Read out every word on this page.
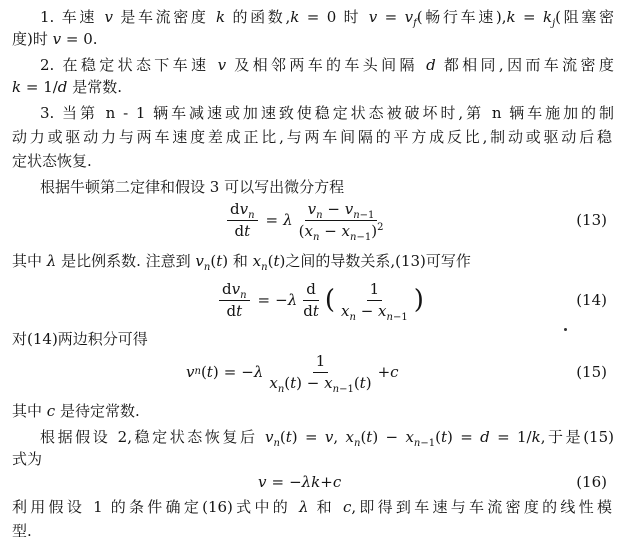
1. 车速 v 是车流密度 k 的函数,k = 0 时 $v = v_f$(畅行车速)$,k = k_j$(阻塞密
度)时 v = 0.
2. 在稳定状态下车速 v 及相邻两车的车头间隔 d 都相同,因而车流密度
k = 1/d 是常数.
3. 当第 n - 1 辆车减速或加速致使稳定状态被破坏时,第 n 辆车施加的制
动力或驱动力与两车速度差成正比,与两车间隔的平方成反比,制动或驱动后稳
定状态恢复.
根据牛顿第二定律和假设 3 可以写出微分方程
$\frac{dv_n}{dt} = \lambda \frac{v_n - v_{n-1}}{(x_n - x_{n-1})^2}$	(13)
其中 λ 是比例系数. 注意到 $v_n(t)$ 和 $x_n(t)$之间的导数关系,(13)可写作
$\frac{dv_n}{dt}$ = − λ $\frac{d}{dt}$ ( $\frac{1}{x_n - x_{n-1}}$ )	(14)
对(14)两边积分可得
v n ( t ) = − λ $\frac{1}{x_n(t) - x_{n-1}(t)} + c$	(15)
其中 c 是待定常数.
根据假设 2,稳定状态恢复后 $v_n(t) = v$, $x_n(t) - x_{n-1}(t) = d = 1/k$,于是(15)
式为
v = − λk + c	(16)
利用假设 1 的条件确定(16)式中的 λ 和 c,即得到车速与车流密度的线性模
型.
